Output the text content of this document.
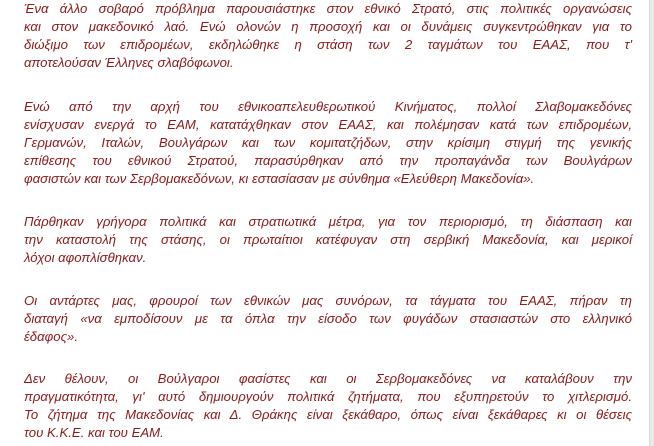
Ένα άλλο σοβαρό πρόβλημα παρουσιάστηκε στον εθνικό Στρατό, στις πολιτικές οργανώσεις
και στον μακεδονικό λαό. Ενώ ολονών η προσοχή και οι δυνάμεις συγκεντρώθηκαν για το
διώξιμο των επιδρομέων, εκδηλώθηκε η στάση των 2 ταγμάτων του ΕΑΑΣ, που τ'
αποτελούσαν Έλληνες σλαβόφωνοι.
Ενώ από την αρχή του εθνικοαπελευθερωτικού Κινήματος, πολλοί Σλαβομακεδόνες
ενίσχυσαν ενεργά το ΕΑΜ, κατατάχθηκαν στον ΕΑΑΣ, και πολέμησαν κατά των επιδρομέων,
Γερμανών, Ιταλών, Βουλγάρων και των κομιτατζήδων, στην κρίσιμη στιγμή της γενικής
επίθεσης του εθνικού Στρατού, παρασύρθηκαν από την προπαγάνδα των Βουλγάρων
φασιστών και των Σερβομακεδόνων, κι εστασίασαν με σύνθημα «Ελεύθερη Μακεδονία».
Πάρθηκαν γρήγορα πολιτικά και στρατιωτικά μέτρα, για τον περιορισμό, τη διάσπαση και
την καταστολή της στάσης, οι πρωταίτιοι κατέφυγαν στη σερβική Μακεδονία, και μερικοί
λόχοι αφοπλίσθηκαν.
Οι αντάρτες μας, φρουροί των εθνικών μας συνόρων, τα τάγματα του ΕΑΑΣ, πήραν τη
διαταγή «να εμποδίσουν με τα όπλα την είσοδο των φυγάδων στασιαστών στο ελληνικό
έδαφος».
Δεν θέλουν, οι Βούλγαροι φασίστες και οι Σερβομακεδόνες να καταλάβουν την
πραγματικότητα, γι' αυτό δημιουργούν πολιτικά ζητήματα, που εξυπηρετούν το χιτλερισμό.
Το ζήτημα της Μακεδονίας και Δ. Θράκης είναι ξεκάθαρο, όπως είναι ξεκάθαρες κι οι θέσεις
του Κ.Κ.Ε. και του ΕΑΜ.
